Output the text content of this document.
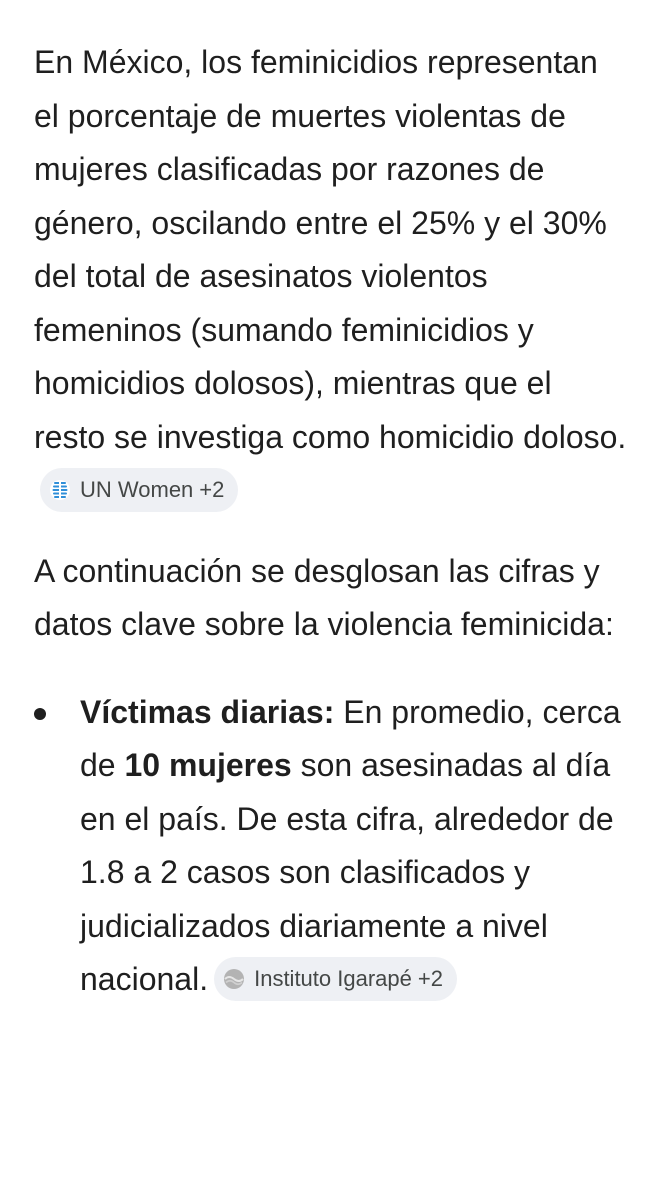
En México, los feminicidios representan el porcentaje de muertes violentas de mujeres clasificadas por razones de género, oscilando entre el 25% y el 30% del total de asesinatos violentos femeninos (sumando feminicidios y homicidios dolosos), mientras que el resto se investiga como homicidio doloso.
UN Women +2

A continuación se desglosan las cifras y datos clave sobre la violencia feminicida:

Víctimas diarias: En promedio, cerca de 10 mujeres son asesinadas al día en el país. De esta cifra, alrededor de 1.8 a 2 casos son clasificados y judicializados diariamente a nivel nacional. Instituto Igarapé +2
